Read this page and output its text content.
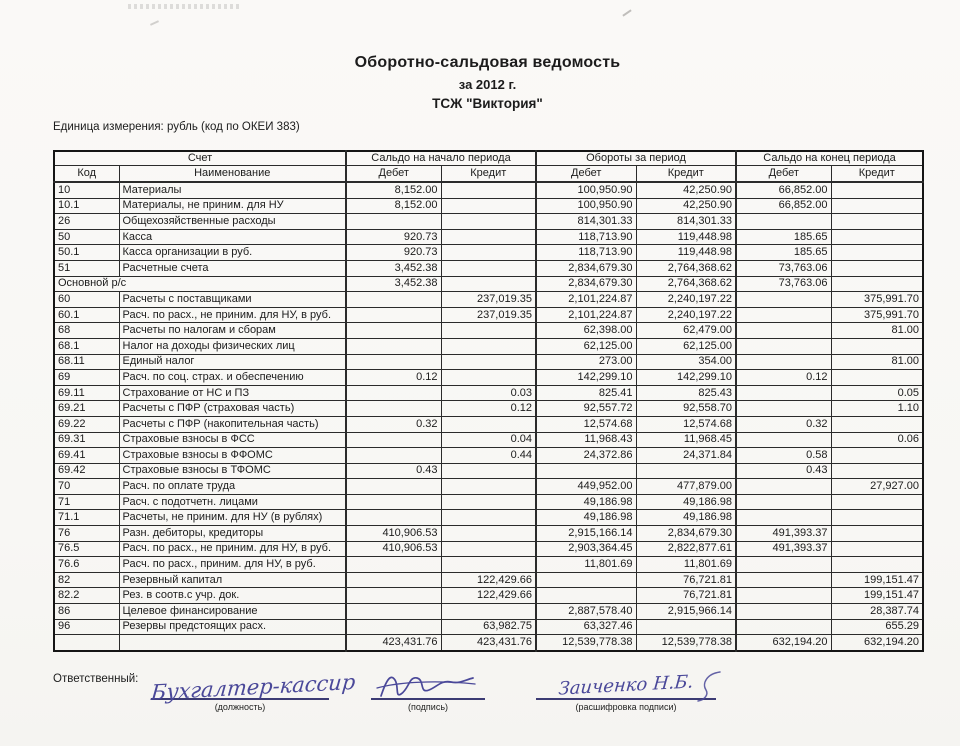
Оборотно-сальдовая ведомость
за 2012 г.
ТСЖ "Виктория"
Единица измерения: рубль (код по ОКЕИ 383)
Счет		Сальдо на начало периода		Обороты за период		Сальдо на конец периода	
Код	Наименование	Дебет	Кредит	Дебет	Кредит	Дебет	Кредит
10	Материалы	8,152.00		100,950.90	42,250.90	66,852.00	
10.1	Материалы, не приним. для НУ	8,152.00		100,950.90	42,250.90	66,852.00	
26	Общехозяйственные расходы			814,301.33	814,301.33		
50	Касса	920.73		118,713.90	119,448.98	185.65	
50.1	Касса организации в руб.	920.73		118,713.90	119,448.98	185.65	
51	Расчетные счета	3,452.38		2,834,679.30	2,764,368.62	73,763.06	
Основной р/с		3,452.38		2,834,679.30	2,764,368.62	73,763.06	
60	Расчеты с поставщиками		237,019.35	2,101,224.87	2,240,197.22		375,991.70
60.1	Расч. по расх., не приним. для НУ, в руб.		237,019.35	2,101,224.87	2,240,197.22		375,991.70
68	Расчеты по налогам и сборам			62,398.00	62,479.00		81.00
68.1	Налог на доходы физических лиц			62,125.00	62,125.00		
68.11	Единый налог			273.00	354.00		81.00
69	Расч. по соц. страх. и обеспечению	0.12		142,299.10	142,299.10	0.12	
69.11	Страхование от НС и ПЗ		0.03	825.41	825.43		0.05
69.21	Расчеты с ПФР (страховая часть)		0.12	92,557.72	92,558.70		1.10
69.22	Расчеты с ПФР (накопительная часть)	0.32		12,574.68	12,574.68	0.32	
69.31	Страховые взносы в ФСС		0.04	11,968.43	11,968.45		0.06
69.41	Страховые взносы в ФФОМС		0.44	24,372.86	24,371.84	0.58	
69.42	Страховые взносы в ТФОМС	0.43				0.43	
70	Расч. по оплате труда			449,952.00	477,879.00		27,927.00
71	Расч. с подотчетн. лицами			49,186.98	49,186.98		
71.1	Расчеты, не приним. для НУ (в рублях)			49,186.98	49,186.98		
76	Разн. дебиторы, кредиторы	410,906.53		2,915,166.14	2,834,679.30	491,393.37	
76.5	Расч. по расх., не приним. для НУ, в руб.	410,906.53		2,903,364.45	2,822,877.61	491,393.37	
76.6	Расч. по расх., приним. для НУ, в руб.			11,801.69	11,801.69		
82	Резервный капитал		122,429.66		76,721.81		199,151.47
82.2	Рез. в соотв.с учр. док.		122,429.66		76,721.81		199,151.47
86	Целевое финансирование			2,887,578.40	2,915,966.14		28,387.74
96	Резервы предстоящих расх.		63,982.75	63,327.46			655.29
		423,431.76	423,431.76	12,539,778.38	12,539,778.38	632,194.20	632,194.20
Ответственный: Бухгалтер-кассир
(должность)	(подпись)
Заиченко Н.Б.
(расшифровка подписи)
